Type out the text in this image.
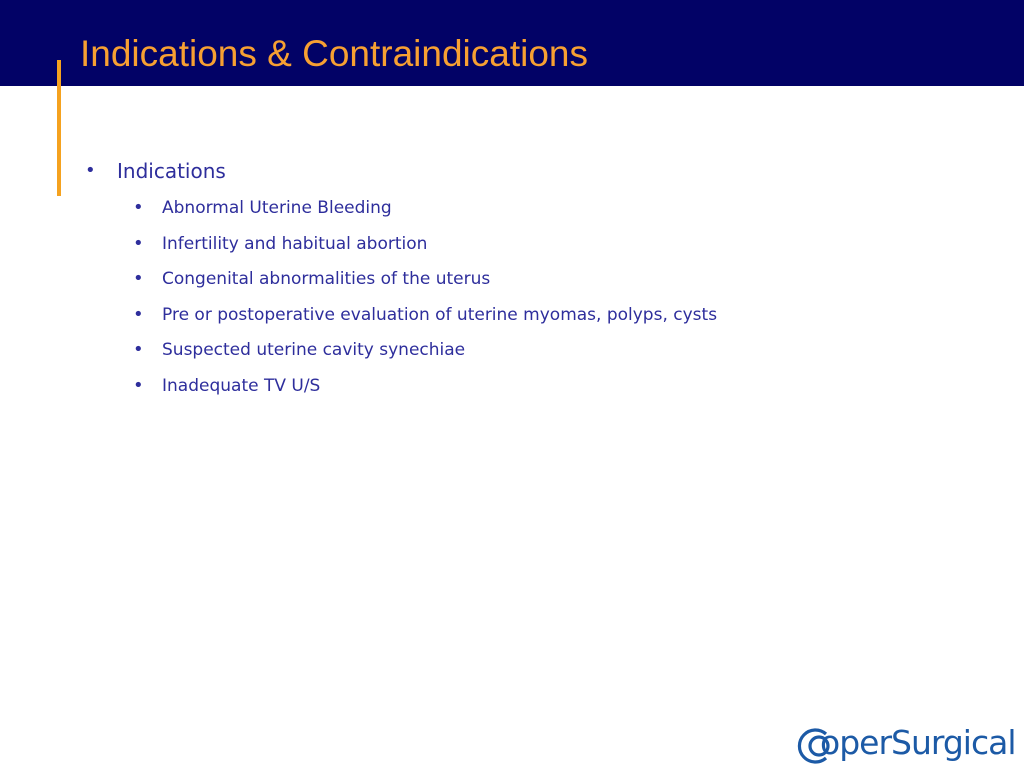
Indications & Contraindications
• Indications
• Abnormal Uterine Bleeding
• Infertility and habitual abortion
• Congenital abnormalities of the uterus
• Pre or postoperative evaluation of uterine myomas, polyps, cysts
• Suspected uterine cavity synechiae
• Inadequate TV U/S
operSurgical
